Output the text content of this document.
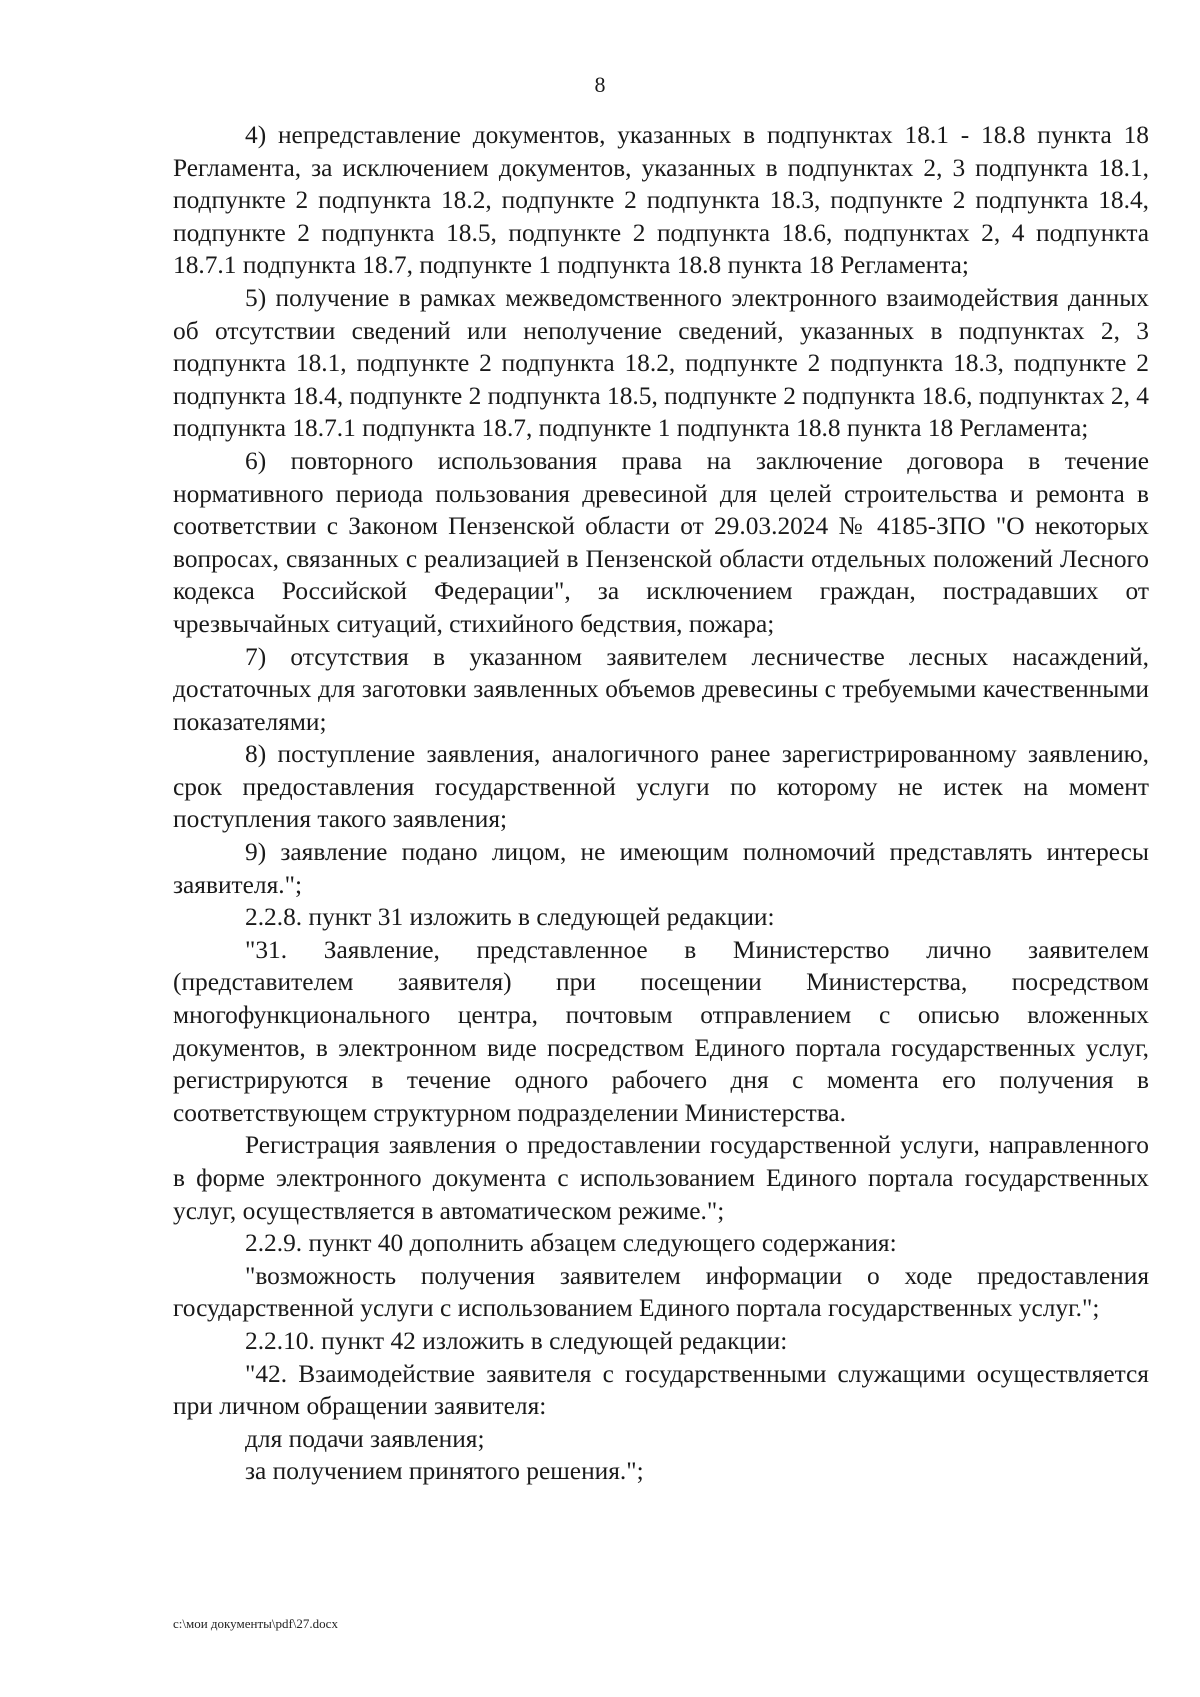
8

4) непредставление документов, указанных в подпунктах 18.1 - 18.8 пункта 18 Регламента, за исключением документов, указанных в подпунктах 2, 3 подпункта 18.1, подпункте 2 подпункта 18.2, подпункте 2 подпункта 18.3, подпункте 2 подпункта 18.4, подпункте 2 подпункта 18.5, подпункте 2 подпункта 18.6, подпунктах 2, 4 подпункта 18.7.1 подпункта 18.7, подпункте 1 подпункта 18.8 пункта 18 Регламента;

5) получение в рамках межведомственного электронного взаимодействия данных об отсутствии сведений или неполучение сведений, указанных в подпунктах 2, 3 подпункта 18.1, подпункте 2 подпункта 18.2, подпункте 2 подпункта 18.3, подпункте 2 подпункта 18.4, подпункте 2 подпункта 18.5, подпункте 2 подпункта 18.6, подпунктах 2, 4 подпункта 18.7.1 подпункта 18.7, подпункте 1 подпункта 18.8 пункта 18 Регламента;

6) повторного использования права на заключение договора в течение нормативного периода пользования древесиной для целей строительства и ремонта в соответствии с Законом Пензенской области от 29.03.2024 № 4185-ЗПО "О некоторых вопросах, связанных с реализацией в Пензенской области отдельных положений Лесного кодекса Российской Федерации", за исключением граждан, пострадавших от чрезвычайных ситуаций, стихийного бедствия, пожара;

7) отсутствия в указанном заявителем лесничестве лесных насаждений, достаточных для заготовки заявленных объемов древесины с требуемыми качественными показателями;

8) поступление заявления, аналогичного ранее зарегистрированному заявлению, срок предоставления государственной услуги по которому не истек на момент поступления такого заявления;

9) заявление подано лицом, не имеющим полномочий представлять интересы заявителя.";

2.2.8. пункт 31 изложить в следующей редакции:

"31. Заявление, представленное в Министерство лично заявителем (представителем заявителя) при посещении Министерства, посредством многофункционального центра, почтовым отправлением с описью вложенных документов, в электронном виде посредством Единого портала государственных услуг, регистрируются в течение одного рабочего дня с момента его получения в соответствующем структурном подразделении Министерства.

Регистрация заявления о предоставлении государственной услуги, направленного в форме электронного документа с использованием Единого портала государственных услуг, осуществляется в автоматическом режиме.";

2.2.9. пункт 40 дополнить абзацем следующего содержания:

"возможность получения заявителем информации о ходе предоставления государственной услуги с использованием Единого портала государственных услуг.";

2.2.10. пункт 42 изложить в следующей редакции:

"42. Взаимодействие заявителя с государственными служащими осуществляется при личном обращении заявителя:

для подачи заявления;

за получением принятого решения.";

c:\мои документы\pdf\27.docx
